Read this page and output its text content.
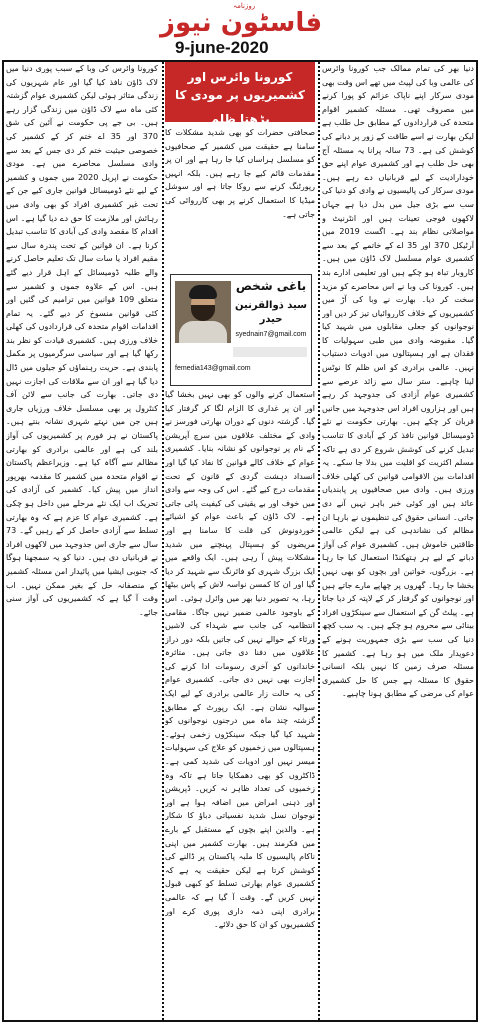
روزنامہ
فاسٹون نیوز
9-june-2020

دنیا بھر کی تمام ممالک جب کورونا وائرس کی عالمی وبا کی لپیٹ میں تھے اس وقت بھی مودی سرکار اپنے ناپاک عزائم کو پورا کرنے میں مصروف تھی۔ مسئلہ کشمیر اقوام متحدہ کی قراردادوں کے مطابق حل طلب ہے لیکن بھارت نے اسے طاقت کے زور پر دبانے کی کوشش کی ہے۔ 73 سالہ پرانا یہ مسئلہ آج بھی حل طلب ہے اور کشمیری عوام اپنے حق خودارادیت کے لیے قربانیاں دے رہے ہیں۔ مودی سرکار کی پالیسیوں نے وادی کو دنیا کی سب سے بڑی جیل میں بدل دیا ہے جہاں لاکھوں فوجی تعینات ہیں اور انٹرنیٹ و مواصلاتی نظام بند ہے۔ اگست 2019 میں آرٹیکل 370 اور 35 اے کے خاتمے کے بعد سے کشمیری عوام مسلسل لاک ڈاؤن میں ہیں۔ کاروبار تباہ ہو چکے ہیں اور تعلیمی ادارے بند ہیں۔ کورونا کی وبا نے اس محاصرے کو مزید سخت کر دیا۔ بھارت نے وبا کی آڑ میں کشمیریوں کے خلاف کارروائیاں تیز کر دیں اور نوجوانوں کو جعلی مقابلوں میں شہید کیا گیا۔ مقبوضہ وادی میں طبی سہولیات کا فقدان ہے اور ہسپتالوں میں ادویات دستیاب نہیں۔ عالمی برادری کو اس ظلم کا نوٹس لینا چاہیے۔ ستر سال سے زائد عرصے سے کشمیری عوام آزادی کی جدوجہد کر رہے ہیں اور ہزاروں افراد اس جدوجہد میں جانیں قربان کر چکے ہیں۔ بھارتی حکومت نے نئے ڈومیسائل قوانین نافذ کر کے آبادی کا تناسب تبدیل کرنے کی کوشش شروع کر دی ہے تاکہ مسلم اکثریت کو اقلیت میں بدلا جا سکے۔ یہ اقدامات بین الاقوامی قوانین کی کھلی خلاف ورزی ہیں۔ وادی میں صحافیوں پر پابندیاں عائد ہیں اور کوئی خبر باہر نہیں آنے دی جاتی۔ انسانی حقوق کی تنظیموں نے بارہا ان مظالم کی نشاندہی کی ہے لیکن عالمی طاقتیں خاموش ہیں۔ کشمیری عوام کی آواز دبانے کے لیے ہر ہتھکنڈا استعمال کیا جا رہا ہے۔ بزرگوں، خواتین اور بچوں کو بھی نہیں بخشا جا رہا۔ گھروں پر چھاپے مارے جاتے ہیں اور نوجوانوں کو گرفتار کر کے لاپتہ کر دیا جاتا ہے۔ پیلٹ گن کے استعمال سے سینکڑوں افراد بینائی سے محروم ہو چکے ہیں۔ یہ سب کچھ دنیا کی سب سے بڑی جمہوریت ہونے کے دعویدار ملک میں ہو رہا ہے۔ کشمیر کا مسئلہ صرف زمین کا نہیں بلکہ انسانی حقوق کا مسئلہ ہے جس کا حل کشمیری عوام کی مرضی کے مطابق ہونا چاہیے۔

کورونا وائرس اور کشمیریوں پر مودی کا
بڑھتا ظلم

صحافتی حضرات کو بھی شدید مشکلات کا سامنا ہے حقیقت میں کشمیر کے صحافیوں کو مسلسل ہراساں کیا جا رہا ہے اور ان پر مقدمات قائم کیے جا رہے ہیں۔ بلکہ انہیں رپورٹنگ کرنے سے روکا جاتا ہے اور سوشل میڈیا کا استعمال کرنے پر بھی کارروائی کی جاتی ہے۔

باغی شخص
سید ذوالقرنین حیدر
syednain7@gmail.com
femedia143@gmail.com

استعمال کرنے والوں کو بھی نہیں بخشا گیا اور ان پر غداری کا الزام لگا کر گرفتار کیا گیا۔ گزشتہ دنوں کے دوران بھارتی فورسز نے وادی کے مختلف علاقوں میں سرچ آپریشن کے نام پر نوجوانوں کو نشانہ بنایا۔ کشمیری عوام کے خلاف کالے قوانین کا نفاذ کیا گیا اور انسداد دہشت گردی کے قانون کے تحت مقدمات درج کیے گئے۔ اس کی وجہ سے وادی میں خوف اور بے یقینی کی کیفیت پائی جاتی ہے۔ لاک ڈاؤن کے باعث عوام کو اشیائے خوردونوش کی قلت کا سامنا ہے اور مریضوں کو ہسپتال پہنچنے میں شدید مشکلات پیش آ رہی ہیں۔ ایک واقعے میں ایک بزرگ شہری کو فائرنگ سے شہید کر دیا گیا اور ان کا کمسن نواسہ لاش کے پاس بیٹھا رہا، یہ تصویر دنیا بھر میں وائرل ہوئی۔ اس کے باوجود عالمی ضمیر نہیں جاگا۔ مقامی انتظامیہ کی جانب سے شہداء کی لاشیں ورثاء کے حوالے نہیں کی جاتیں بلکہ دور دراز علاقوں میں دفنا دی جاتی ہیں۔ متاثرہ خاندانوں کو آخری رسومات ادا کرنے کی اجازت بھی نہیں دی جاتی۔ کشمیری عوام کی یہ حالت زار عالمی برادری کے لیے ایک سوالیہ نشان ہے۔ ایک رپورٹ کے مطابق گزشتہ چند ماہ میں درجنوں نوجوانوں کو شہید کیا گیا جبکہ سینکڑوں زخمی ہوئے۔ ہسپتالوں میں زخمیوں کو علاج کی سہولیات میسر نہیں اور ادویات کی شدید کمی ہے۔ ڈاکٹروں کو بھی دھمکایا جاتا ہے تاکہ وہ زخمیوں کی تعداد ظاہر نہ کریں۔ ڈپریشن اور ذہنی امراض میں اضافہ ہوا ہے اور نوجوان نسل شدید نفسیاتی دباؤ کا شکار ہے۔ والدین اپنے بچوں کے مستقبل کے بارے میں فکرمند ہیں۔ بھارت کشمیر میں اپنی ناکام پالیسیوں کا ملبہ پاکستان پر ڈالنے کی کوشش کرتا ہے لیکن حقیقت یہ ہے کہ کشمیری عوام بھارتی تسلط کو کبھی قبول نہیں کریں گے۔ وقت آ گیا ہے کہ عالمی برادری اپنی ذمہ داری پوری کرے اور کشمیریوں کو ان کا حق دلائے۔

کورونا وائرس کی وبا کے سبب پوری دنیا میں لاک ڈاؤن نافذ کیا گیا اور عام شہریوں کی زندگی متاثر ہوئی لیکن کشمیری عوام گزشتہ کئی ماہ سے لاک ڈاؤن میں زندگی گزار رہے ہیں۔ بی جے پی حکومت نے آئین کی شق 370 اور 35 اے ختم کر کے کشمیر کی خصوصی حیثیت ختم کر دی جس کے بعد سے وادی مسلسل محاصرے میں ہے۔ مودی حکومت نے اپریل 2020 میں جموں و کشمیر کے لیے نئے ڈومیسائل قوانین جاری کیے جن کے تحت غیر کشمیری افراد کو بھی وادی میں رہائش اور ملازمت کا حق دے دیا گیا ہے۔ اس اقدام کا مقصد وادی کی آبادی کا تناسب تبدیل کرنا ہے۔ ان قوانین کے تحت پندرہ سال سے مقیم افراد یا سات سال تک تعلیم حاصل کرنے والے طلبہ ڈومیسائل کے اہل قرار دیے گئے ہیں۔ اس کے علاوہ جموں و کشمیر سے متعلق 109 قوانین میں ترامیم کی گئیں اور کئی قوانین منسوخ کر دیے گئے۔ یہ تمام اقدامات اقوام متحدہ کی قراردادوں کی کھلی خلاف ورزی ہیں۔ کشمیری قیادت کو نظر بند رکھا گیا ہے اور سیاسی سرگرمیوں پر مکمل پابندی ہے۔ حریت رہنماؤں کو جیلوں میں ڈال دیا گیا ہے اور ان سے ملاقات کی اجازت نہیں دی جاتی۔ بھارت کی جانب سے لائن آف کنٹرول پر بھی مسلسل خلاف ورزیاں جاری ہیں جن میں نہتے شہری نشانہ بنتے ہیں۔ پاکستان نے ہر فورم پر کشمیریوں کی آواز بلند کی ہے اور عالمی برادری کو بھارتی مظالم سے آگاہ کیا ہے۔ وزیراعظم پاکستان نے اقوام متحدہ میں کشمیر کا مقدمہ بھرپور انداز میں پیش کیا۔ کشمیر کی آزادی کی تحریک اب ایک نئے مرحلے میں داخل ہو چکی ہے۔ کشمیری عوام کا عزم ہے کہ وہ بھارتی تسلط سے آزادی حاصل کر کے رہیں گے۔ 73 سال سے جاری اس جدوجہد میں لاکھوں افراد نے قربانیاں دی ہیں۔ دنیا کو یہ سمجھنا ہوگا کہ جنوبی ایشیا میں پائیدار امن مسئلہ کشمیر کے منصفانہ حل کے بغیر ممکن نہیں۔ اب وقت آ گیا ہے کہ کشمیریوں کی آواز سنی جائے۔
